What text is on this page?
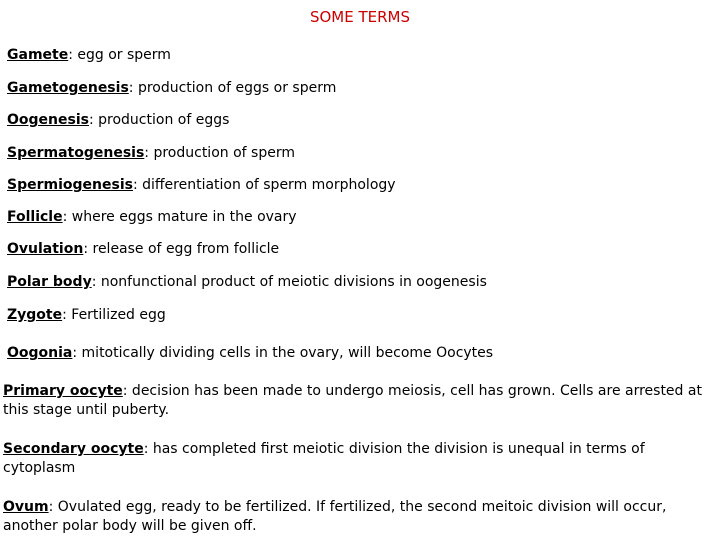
SOME TERMS
Gamete: egg or sperm
Gametogenesis: production of eggs or sperm
Oogenesis: production of eggs
Spermatogenesis: production of sperm
Spermiogenesis: differentiation of sperm morphology
Follicle: where eggs mature in the ovary
Ovulation: release of egg from follicle
Polar body: nonfunctional product of meiotic divisions in oogenesis
Zygote: Fertilized egg
Oogonia: mitotically dividing cells in the ovary, will become Oocytes
Primary oocyte: decision has been made to undergo meiosis, cell has grown. Cells are arrested at this stage until puberty.
Secondary oocyte: has completed first meiotic division the division is unequal in terms of cytoplasm
Ovum: Ovulated egg, ready to be fertilized. If fertilized, the second meitoic division will occur, another polar body will be given off.
